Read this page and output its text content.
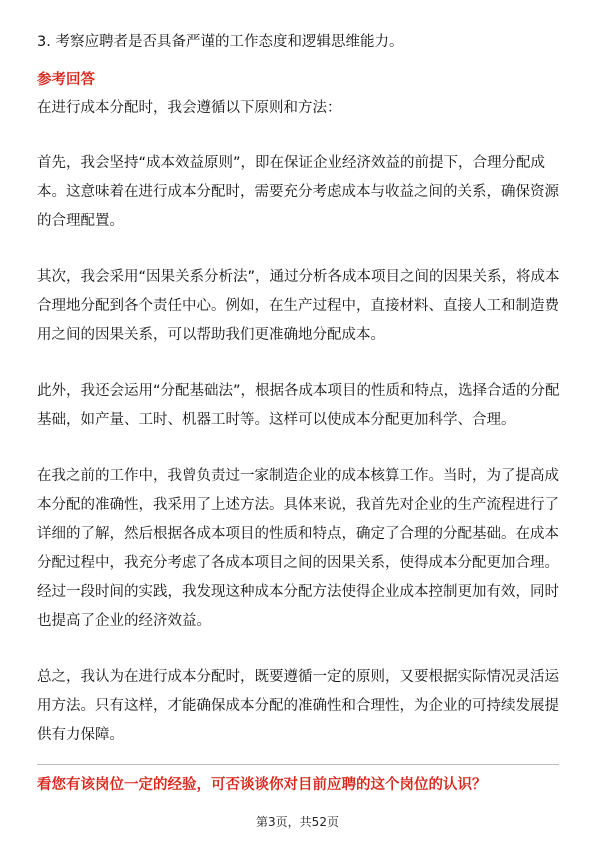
3. 考察应聘者是否具备严谨的工作态度和逻辑思维能力。
参考回答
在进行成本分配时，我会遵循以下原则和方法：
首先，我会坚持“成本效益原则”，即在保证企业经济效益的前提下，合理分配成
本。这意味着在进行成本分配时，需要充分考虑成本与收益之间的关系，确保资源
的合理配置。
其次，我会采用“因果关系分析法”，通过分析各成本项目之间的因果关系，将成本
合理地分配到各个责任中心。例如，在生产过程中，直接材料、直接人工和制造费
用之间的因果关系，可以帮助我们更准确地分配成本。
此外，我还会运用“分配基础法”，根据各成本项目的性质和特点，选择合适的分配
基础，如产量、工时、机器工时等。这样可以使成本分配更加科学、合理。
在我之前的工作中，我曾负责过一家制造企业的成本核算工作。当时，为了提高成
本分配的准确性，我采用了上述方法。具体来说，我首先对企业的生产流程进行了
详细的了解，然后根据各成本项目的性质和特点，确定了合理的分配基础。在成本
分配过程中，我充分考虑了各成本项目之间的因果关系，使得成本分配更加合理。
经过一段时间的实践，我发现这种成本分配方法使得企业成本控制更加有效，同时
也提高了企业的经济效益。
总之，我认为在进行成本分配时，既要遵循一定的原则，又要根据实际情况灵活运
用方法。只有这样，才能确保成本分配的准确性和合理性，为企业的可持续发展提
供有力保障。
看您有该岗位一定的经验，可否谈谈你对目前应聘的这个岗位的认识？
第3页，共52页
